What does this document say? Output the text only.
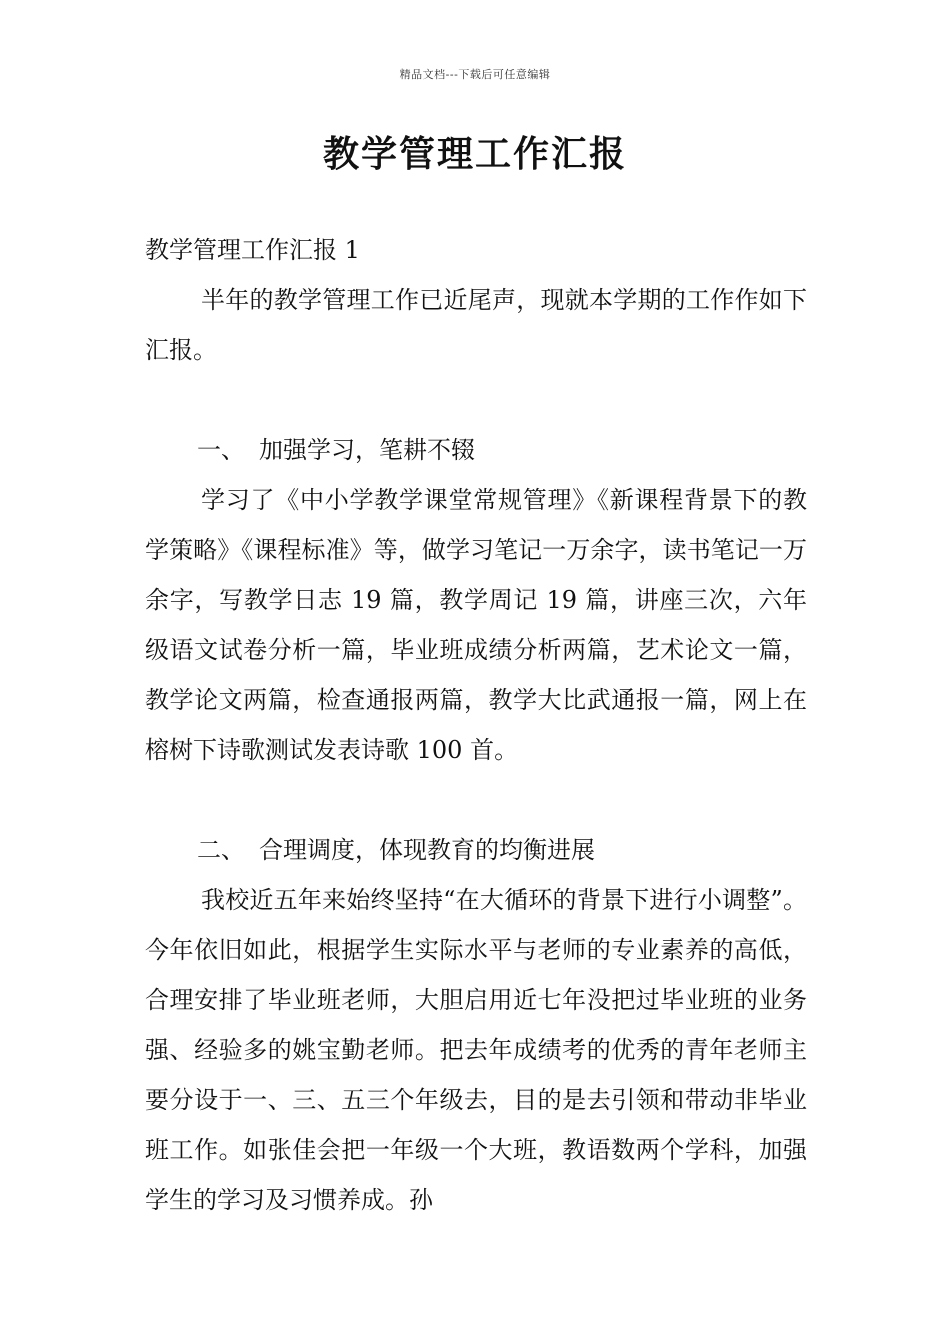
精品文档---下载后可任意编辑
教学管理工作汇报

教学管理工作汇报 1

半年的教学管理工作已近尾声，现就本学期的工作作如下汇报。

一、 加强学习，笔耕不辍

学习了《中小学教学课堂常规管理》《新课程背景下的教学策略》《课程标准》等，做学习笔记一万余字，读书笔记一万余字，写教学日志 19 篇，教学周记 19 篇，讲座三次，六年级语文试卷分析一篇，毕业班成绩分析两篇，艺术论文一篇，教学论文两篇，检查通报两篇，教学大比武通报一篇，网上在榕树下诗歌测试发表诗歌 100 首。

二、 合理调度，体现教育的均衡进展

我校近五年来始终坚持“在大循环的背景下进行小调整”。今年依旧如此，根据学生实际水平与老师的专业素养的高低，合理安排了毕业班老师，大胆启用近七年没把过毕业班的业务强、经验多的姚宝勤老师。把去年成绩考的优秀的青年老师主要分设于一、三、五三个年级去，目的是去引领和带动非毕业班工作。如张佳会把一年级一个大班，教语数两个学科，加强学生的学习及习惯养成。孙
